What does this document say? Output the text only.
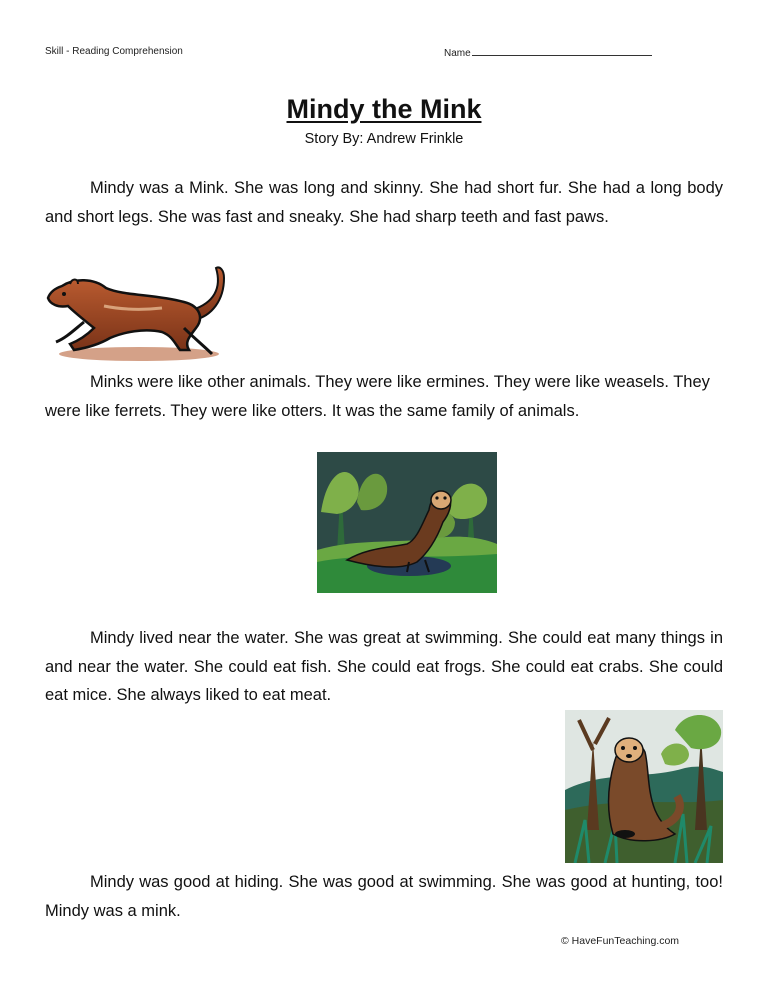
Skill - Reading Comprehension	Name
Mindy the Mink
Story By: Andrew Frinkle

Mindy was a Mink. She was long and skinny. She had short fur. She had a long body and short legs. She was fast and sneaky. She had sharp teeth and fast paws.

Minks were like other animals. They were like ermines. They were like weasels. They were like ferrets. They were like otters. It was the same family of animals.

Mindy lived near the water. She was great at swimming. She could eat many things in and near the water. She could eat fish. She could eat frogs. She could eat crabs. She could eat mice. She always liked to eat meat.

Mindy was good at hiding. She was good at swimming. She was good at hunting, too! Mindy was a mink.

© HaveFunTeaching.com
